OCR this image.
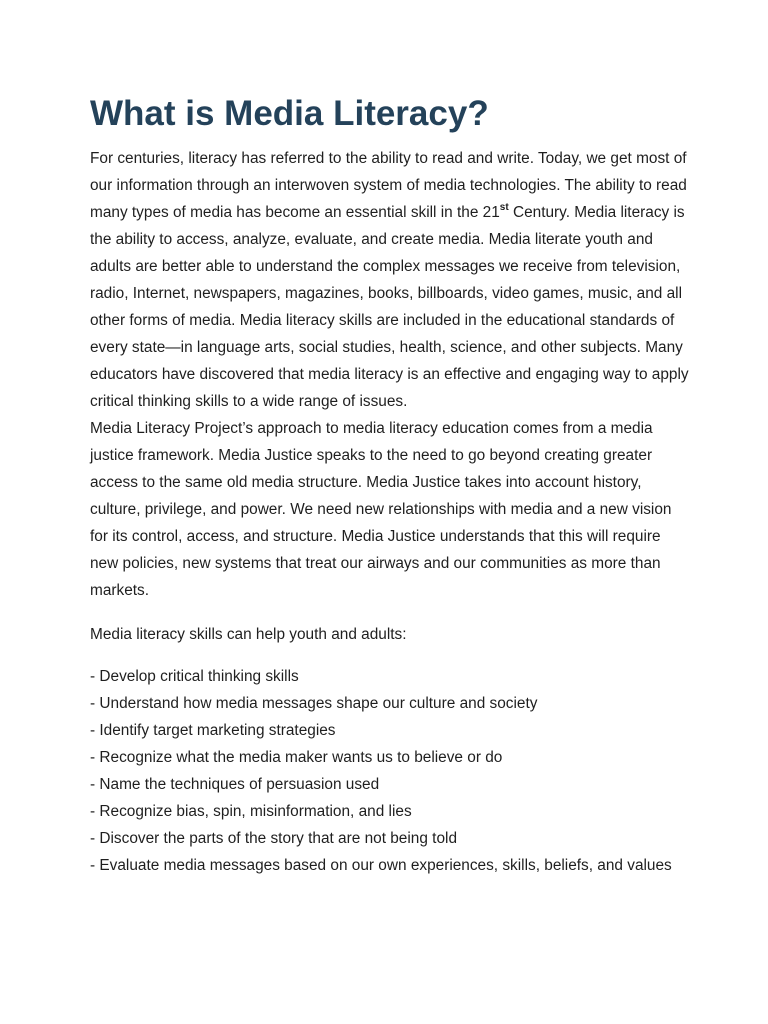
What is Media Literacy?

For centuries, literacy has referred to the ability to read and write. Today, we get most of our information through an interwoven system of media technologies. The ability to read many types of media has become an essential skill in the 21st Century. Media literacy is the ability to access, analyze, evaluate, and create media. Media literate youth and adults are better able to understand the complex messages we receive from television, radio, Internet, newspapers, magazines, books, billboards, video games, music, and all other forms of media. Media literacy skills are included in the educational standards of every state—in language arts, social studies, health, science, and other subjects. Many educators have discovered that media literacy is an effective and engaging way to apply critical thinking skills to a wide range of issues.

Media Literacy Project’s approach to media literacy education comes from a media justice framework. Media Justice speaks to the need to go beyond creating greater access to the same old media structure. Media Justice takes into account history, culture, privilege, and power. We need new relationships with media and a new vision for its control, access, and structure. Media Justice understands that this will require new policies, new systems that treat our airways and our communities as more than markets.

Media literacy skills can help youth and adults:

- Develop critical thinking skills
- Understand how media messages shape our culture and society
- Identify target marketing strategies
- Recognize what the media maker wants us to believe or do
- Name the techniques of persuasion used
- Recognize bias, spin, misinformation, and lies
- Discover the parts of the story that are not being told
- Evaluate media messages based on our own experiences, skills, beliefs, and values
